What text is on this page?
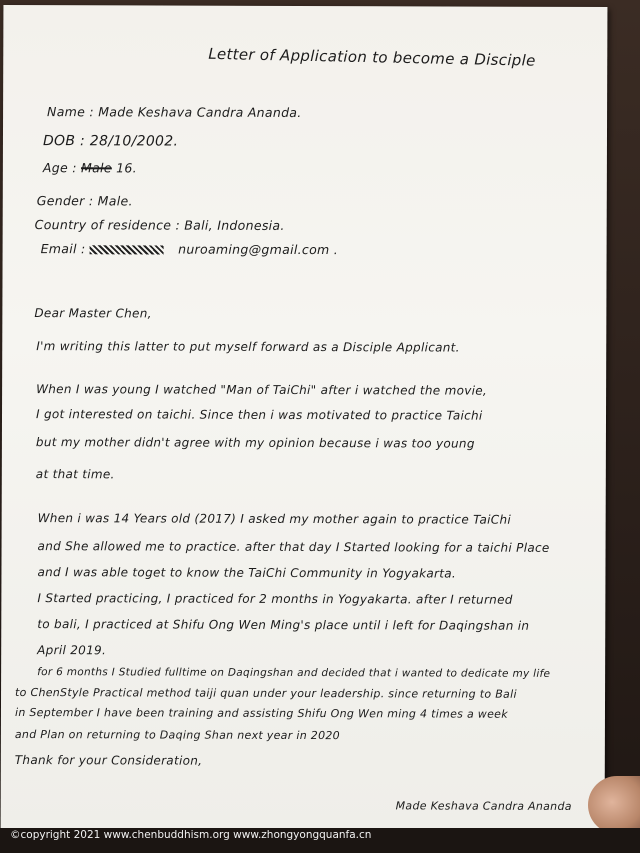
Letter of Application to become a Disciple
Name : Made Keshava Candra Ananda.
DOB : 28/10/2002.
Age : Male 16.
Gender : Male.
Country of residence : Bali, Indonesia.
Email :	nuroaming@gmail.com .
Dear Master Chen,
I'm writing this latter to put myself forward as a Disciple Applicant.
When I was young I watched "Man of TaiChi" after i watched the movie,
I got interested on taichi. Since then i was motivated to practice Taichi
but my mother didn't agree with my opinion because i was too young
at that time.
When i was 14 Years old (2017) I asked my mother again to practice TaiChi
and She allowed me to practice. after that day I Started looking for a taichi Place
and I was able toget to know the TaiChi Community in Yogyakarta.
I Started practicing, I practiced for 2 months in Yogyakarta. after I returned
to bali, I practiced at Shifu Ong Wen Ming's place until i left for Daqingshan in
April 2019.
for 6 months I Studied fulltime on Daqingshan and decided that i wanted to dedicate my life
to ChenStyle Practical method taiji quan under your leadership. since returning to Bali
in September I have been training and assisting Shifu Ong Wen ming 4 times a week
and Plan on returning to Daqing Shan next year in 2020
Thank for your Consideration,
Made Keshava Candra Ananda
©copyright 2021 www.chenbuddhism.org www.zhongyongquanfa.cn
